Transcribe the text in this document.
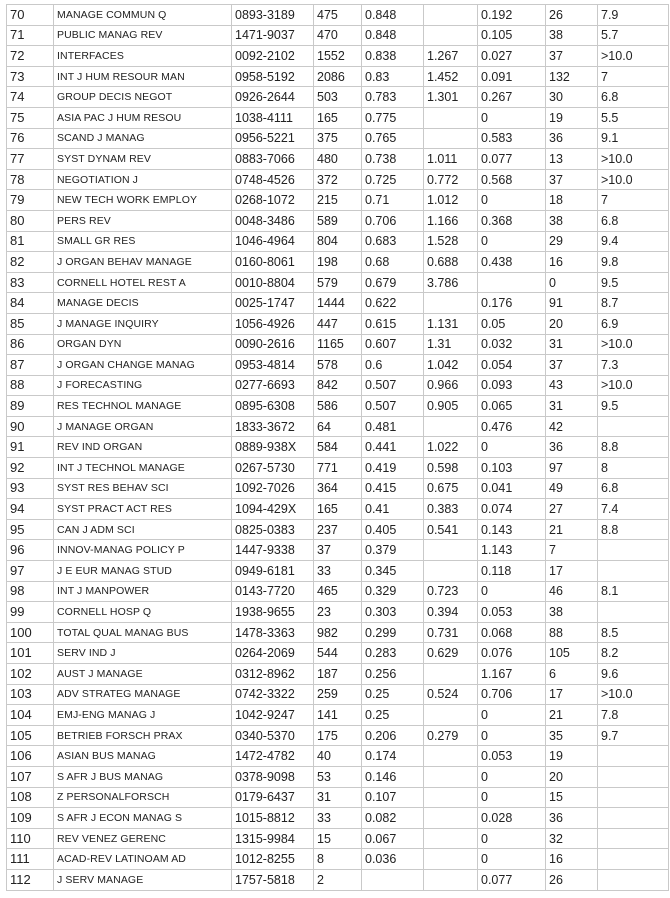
70	MANAGE COMMUN Q	0893-3189	475	0.848		0.192	26	7.9
71	PUBLIC MANAG REV	1471-9037	470	0.848		0.105	38	5.7
72	INTERFACES	0092-2102	1552	0.838	1.267	0.027	37	>10.0
73	INT J HUM RESOUR MAN	0958-5192	2086	0.83	1.452	0.091	132	7
74	GROUP DECIS NEGOT	0926-2644	503	0.783	1.301	0.267	30	6.8
75	ASIA PAC J HUM RESOU	1038-4111	165	0.775		0	19	5.5
76	SCAND J MANAG	0956-5221	375	0.765		0.583	36	9.1
77	SYST DYNAM REV	0883-7066	480	0.738	1.011	0.077	13	>10.0
78	NEGOTIATION J	0748-4526	372	0.725	0.772	0.568	37	>10.0
79	NEW TECH WORK EMPLOY	0268-1072	215	0.71	1.012	0	18	7
80	PERS REV	0048-3486	589	0.706	1.166	0.368	38	6.8
81	SMALL GR RES	1046-4964	804	0.683	1.528	0	29	9.4
82	J ORGAN BEHAV MANAGE	0160-8061	198	0.68	0.688	0.438	16	9.8
83	CORNELL HOTEL REST A	0010-8804	579	0.679	3.786		0	9.5
84	MANAGE DECIS	0025-1747	1444	0.622		0.176	91	8.7
85	J MANAGE INQUIRY	1056-4926	447	0.615	1.131	0.05	20	6.9
86	ORGAN DYN	0090-2616	1165	0.607	1.31	0.032	31	>10.0
87	J ORGAN CHANGE MANAG	0953-4814	578	0.6	1.042	0.054	37	7.3
88	J FORECASTING	0277-6693	842	0.507	0.966	0.093	43	>10.0
89	RES TECHNOL MANAGE	0895-6308	586	0.507	0.905	0.065	31	9.5
90	J MANAGE ORGAN	1833-3672	64	0.481		0.476	42	
91	REV IND ORGAN	0889-938X	584	0.441	1.022	0	36	8.8
92	INT J TECHNOL MANAGE	0267-5730	771	0.419	0.598	0.103	97	8
93	SYST RES BEHAV SCI	1092-7026	364	0.415	0.675	0.041	49	6.8
94	SYST PRACT ACT RES	1094-429X	165	0.41	0.383	0.074	27	7.4
95	CAN J ADM SCI	0825-0383	237	0.405	0.541	0.143	21	8.8
96	INNOV-MANAG POLICY P	1447-9338	37	0.379		1.143	7	
97	J E EUR MANAG STUD	0949-6181	33	0.345		0.118	17	
98	INT J MANPOWER	0143-7720	465	0.329	0.723	0	46	8.1
99	CORNELL HOSP Q	1938-9655	23	0.303	0.394	0.053	38	
100	TOTAL QUAL MANAG BUS	1478-3363	982	0.299	0.731	0.068	88	8.5
101	SERV IND J	0264-2069	544	0.283	0.629	0.076	105	8.2
102	AUST J MANAGE	0312-8962	187	0.256		1.167	6	9.6
103	ADV STRATEG MANAGE	0742-3322	259	0.25	0.524	0.706	17	>10.0
104	EMJ-ENG MANAG J	1042-9247	141	0.25		0	21	7.8
105	BETRIEB FORSCH PRAX	0340-5370	175	0.206	0.279	0	35	9.7
106	ASIAN BUS MANAG	1472-4782	40	0.174		0.053	19	
107	S AFR J BUS MANAG	0378-9098	53	0.146		0	20	
108	Z PERSONALFORSCH	0179-6437	31	0.107		0	15	
109	S AFR J ECON MANAG S	1015-8812	33	0.082		0.028	36	
110	REV VENEZ GERENC	1315-9984	15	0.067		0	32	
111	ACAD-REV LATINOAM AD	1012-8255	8	0.036		0	16	
112	J SERV MANAGE	1757-5818	2			0.077	26	
